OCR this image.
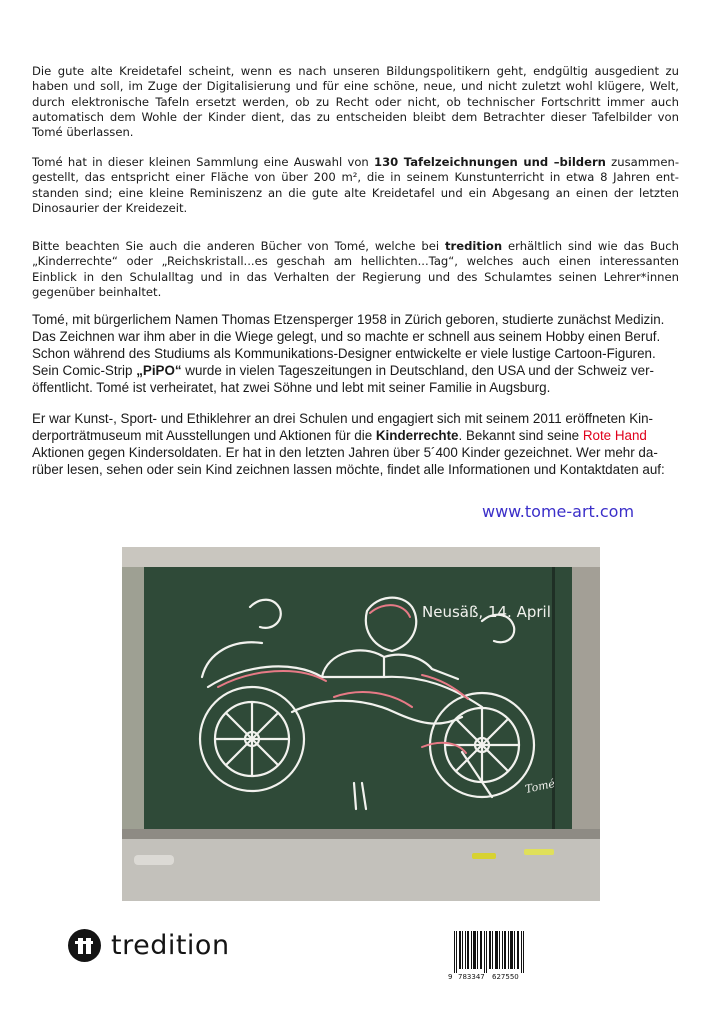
Die gute alte Kreidetafel scheint, wenn es nach unseren Bildungspolitikern geht, endgültig ausgedient zu haben und soll, im Zuge der Digitalisierung und für eine schöne, neue, und nicht zuletzt wohl klügere, Welt, durch elektronische Tafeln ersetzt werden, ob zu Recht oder nicht, ob technischer Fortschritt immer auch automatisch dem Wohle der Kinder dient, das zu entscheiden bleibt dem Betrachter dieser Tafelbilder von Tomé überlassen.
Tomé hat in dieser kleinen Sammlung eine Auswahl von 130 Tafelzeichnungen und –bildern zusammen-gestellt, das entspricht einer Fläche von über 200 m², die in seinem Kunstunterricht in etwa 8 Jahren ent-standen sind; eine kleine Reminiszenz an die gute alte Kreidetafel und ein Abgesang an einen der letzten Dinosaurier der Kreidezeit.
Bitte beachten Sie auch die anderen Bücher von Tomé, welche bei tredition erhältlich sind wie das Buch „Kinderrechte“ oder „Reichskristall...es geschah am hellichten...Tag“, welches auch einen interessanten Einblick in den Schulalltag und in das Verhalten der Regierung und des Schulamtes seinen Lehrer*innen gegenüber beinhaltet.
Tomé, mit bürgerlichem Namen Thomas Etzensperger 1958 in Zürich geboren, studierte zunächst Medizin. Das Zeichnen war ihm aber in die Wiege gelegt, und so machte er schnell aus seinem Hobby einen Beruf. Schon während des Studiums als Kommunikations-Designer entwickelte er viele lustige Cartoon-Figuren. Sein Comic-Strip „PiPO“ wurde in vielen Tageszeitungen in Deutschland, den USA und der Schweiz ver- öffentlicht. Tomé ist verheiratet, hat zwei Söhne und lebt mit seiner Familie in Augsburg.
Er war Kunst-, Sport- und Ethiklehrer an drei Schulen und engagiert sich mit seinem 2011 eröffneten Kin-derporträtmuseum mit Ausstellungen und Aktionen für die Kinderrechte. Bekannt sind seine Rote Hand Aktionen gegen Kindersoldaten. Er hat in den letzten Jahren über 5´400 Kinder gezeichnet. Wer mehr da-rüber lesen, sehen oder sein Kind zeichnen lassen möchte, findet alle Informationen und Kontaktdaten auf:
www.tome-art.com
Neusäß, 14. April
Tomé
tredition
9 783347 627550
